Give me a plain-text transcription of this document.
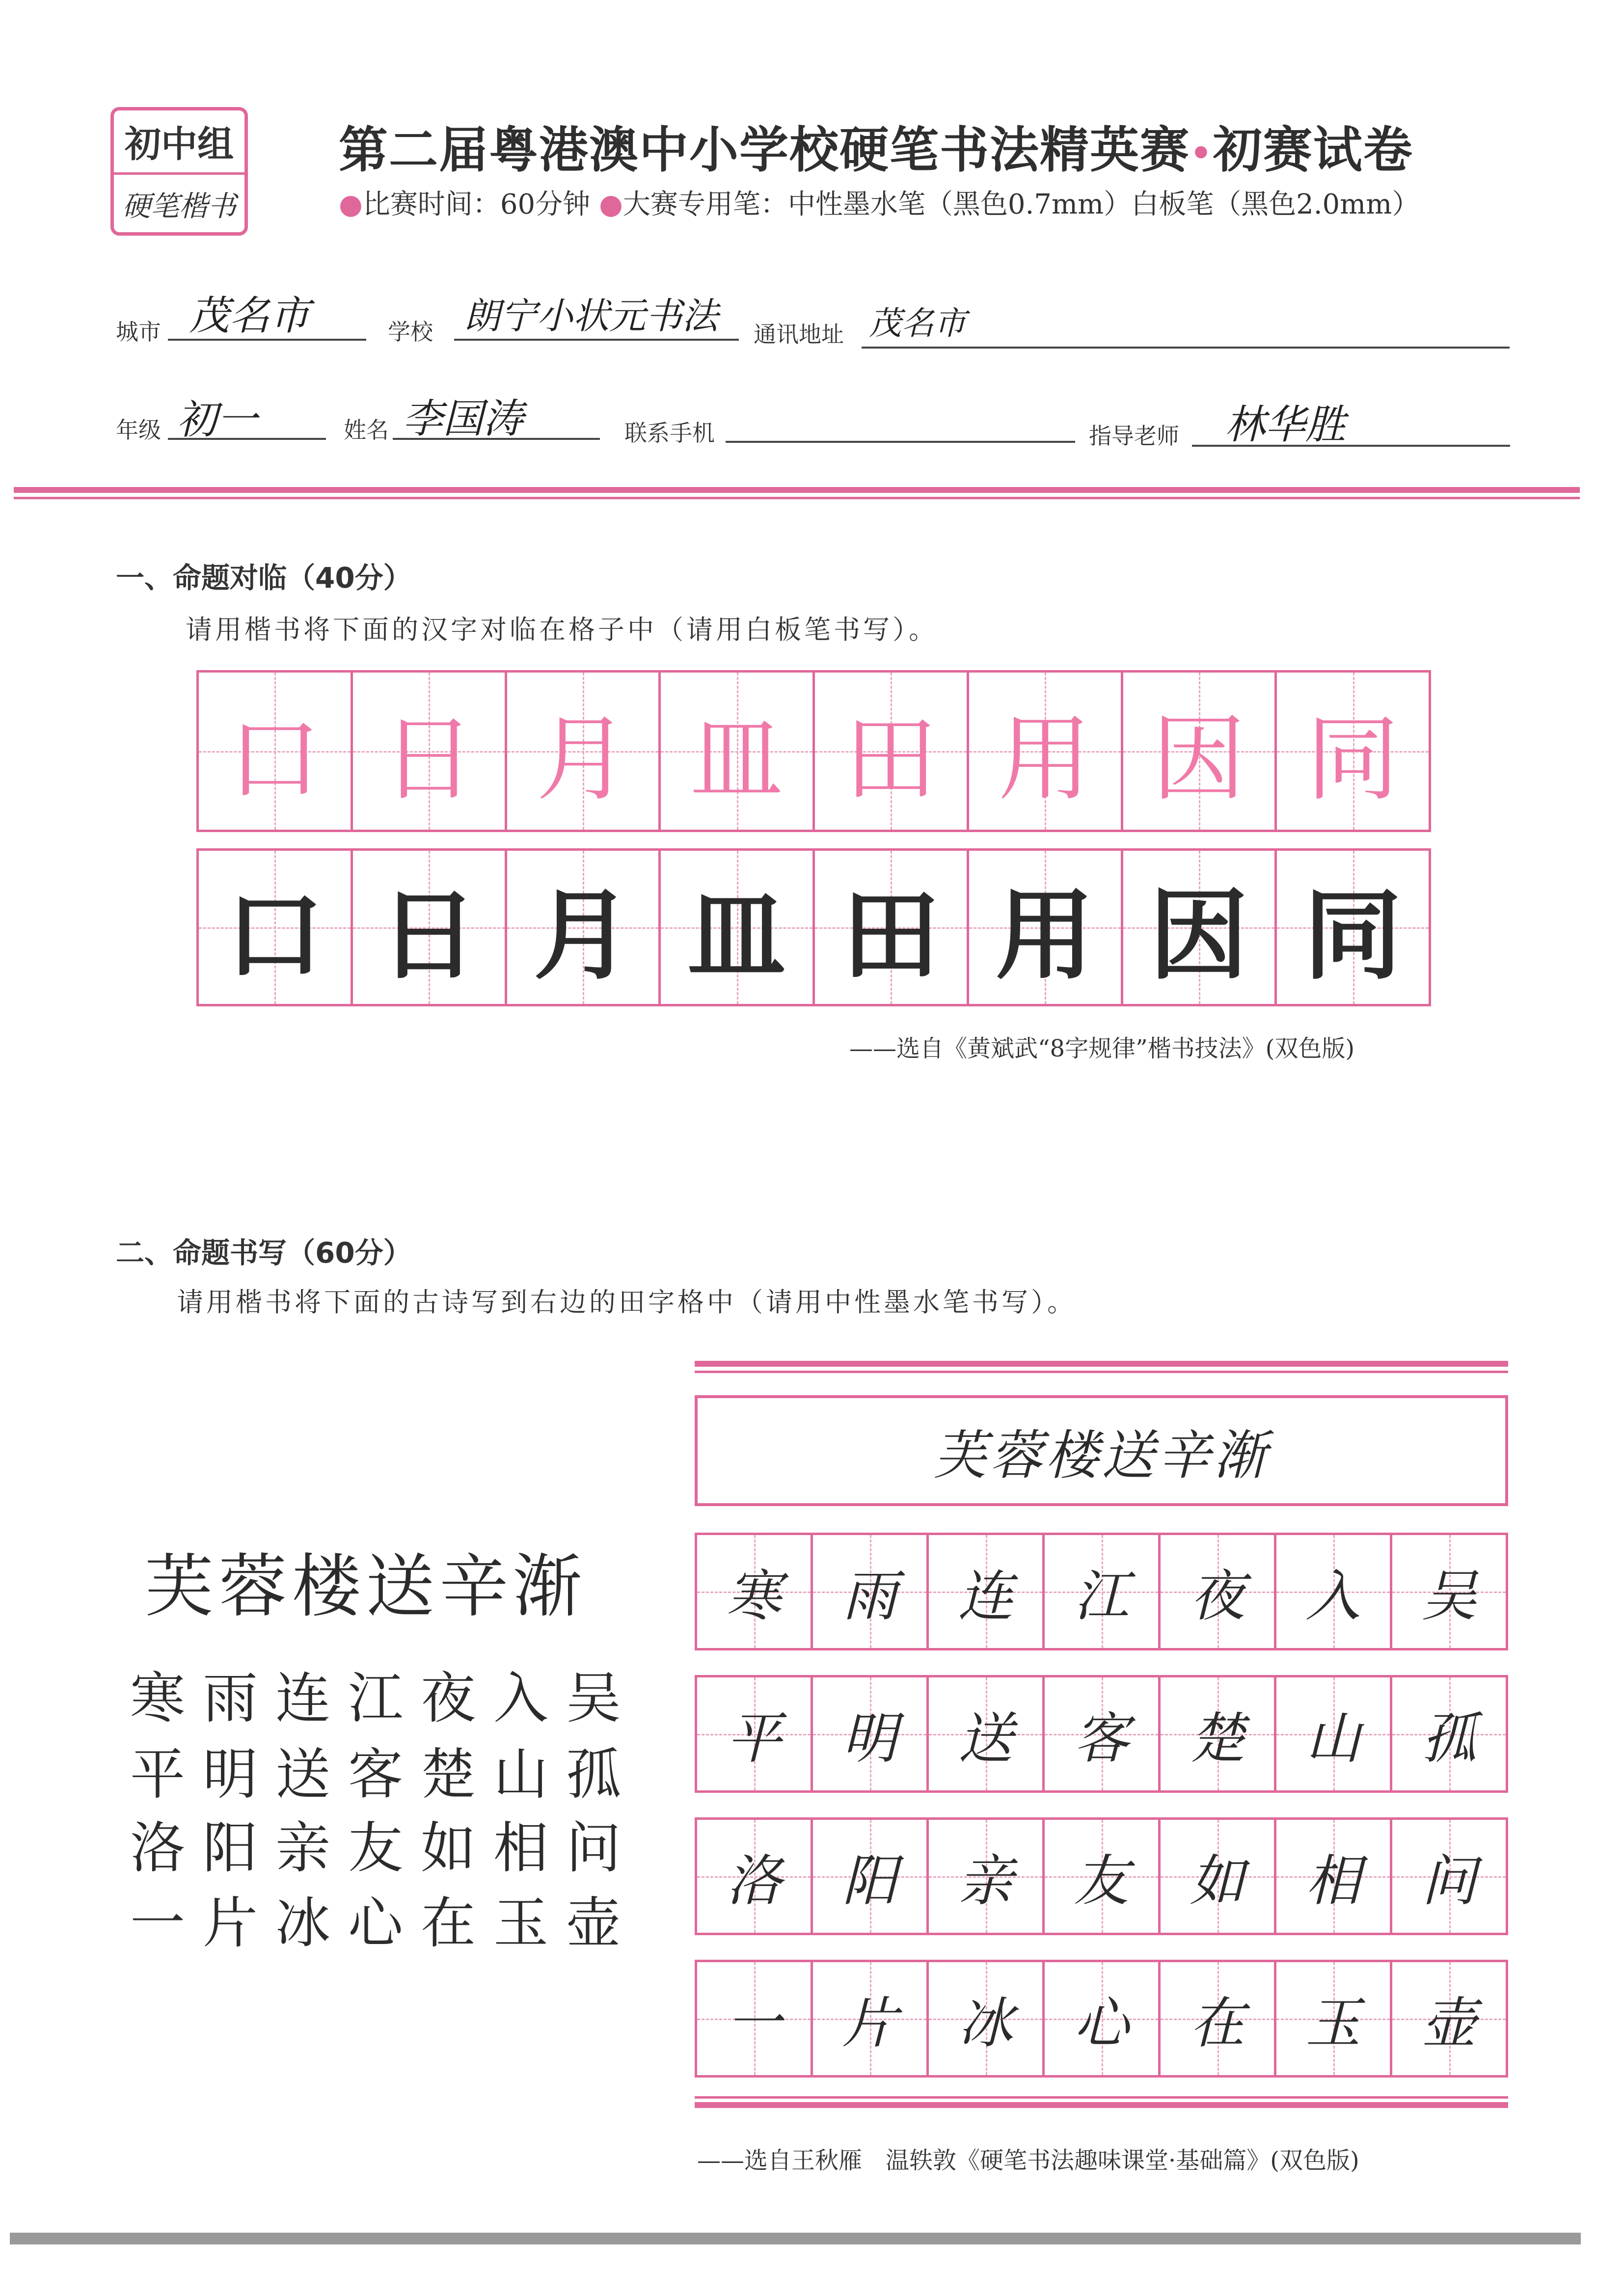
初中组
硬笔楷书
第二届粤港澳中小学校硬笔书法精英赛•初赛试卷
●比赛时间：60分钟 ●大赛专用笔：中性墨水笔（黑色0.7mm）白板笔（黑色2.0mm）
城市 茂名市	学校 朗宁小状元书法 通讯地址 茂名市
年级 初一	姓名 李国涛	联系手机	指导老师 林华胜
一、命题对临（40分）
请用楷书将下面的汉字对临在格子中（请用白板笔书写）。
口 日 月 皿 田 用 因 同
口 日 月 皿 田 用 因 同
——选自《黄斌武“8字规律”楷书技法》(双色版)
二、命题书写（60分）
请用楷书将下面的古诗写到右边的田字格中（请用中性墨水笔书写）。
芙蓉楼送辛渐
寒雨连江夜入吴
平明送客楚山孤
洛阳亲友如相问
一片冰心在玉壶
芙蓉楼送辛渐
寒 雨 连 江 夜 入 吴
平 明 送 客 楚 山 孤
洛 阳 亲 友 如 相 问
一 片 冰 心 在 玉 壶
——选自王秋雁　温轶敦《硬笔书法趣味课堂·基础篇》(双色版)
